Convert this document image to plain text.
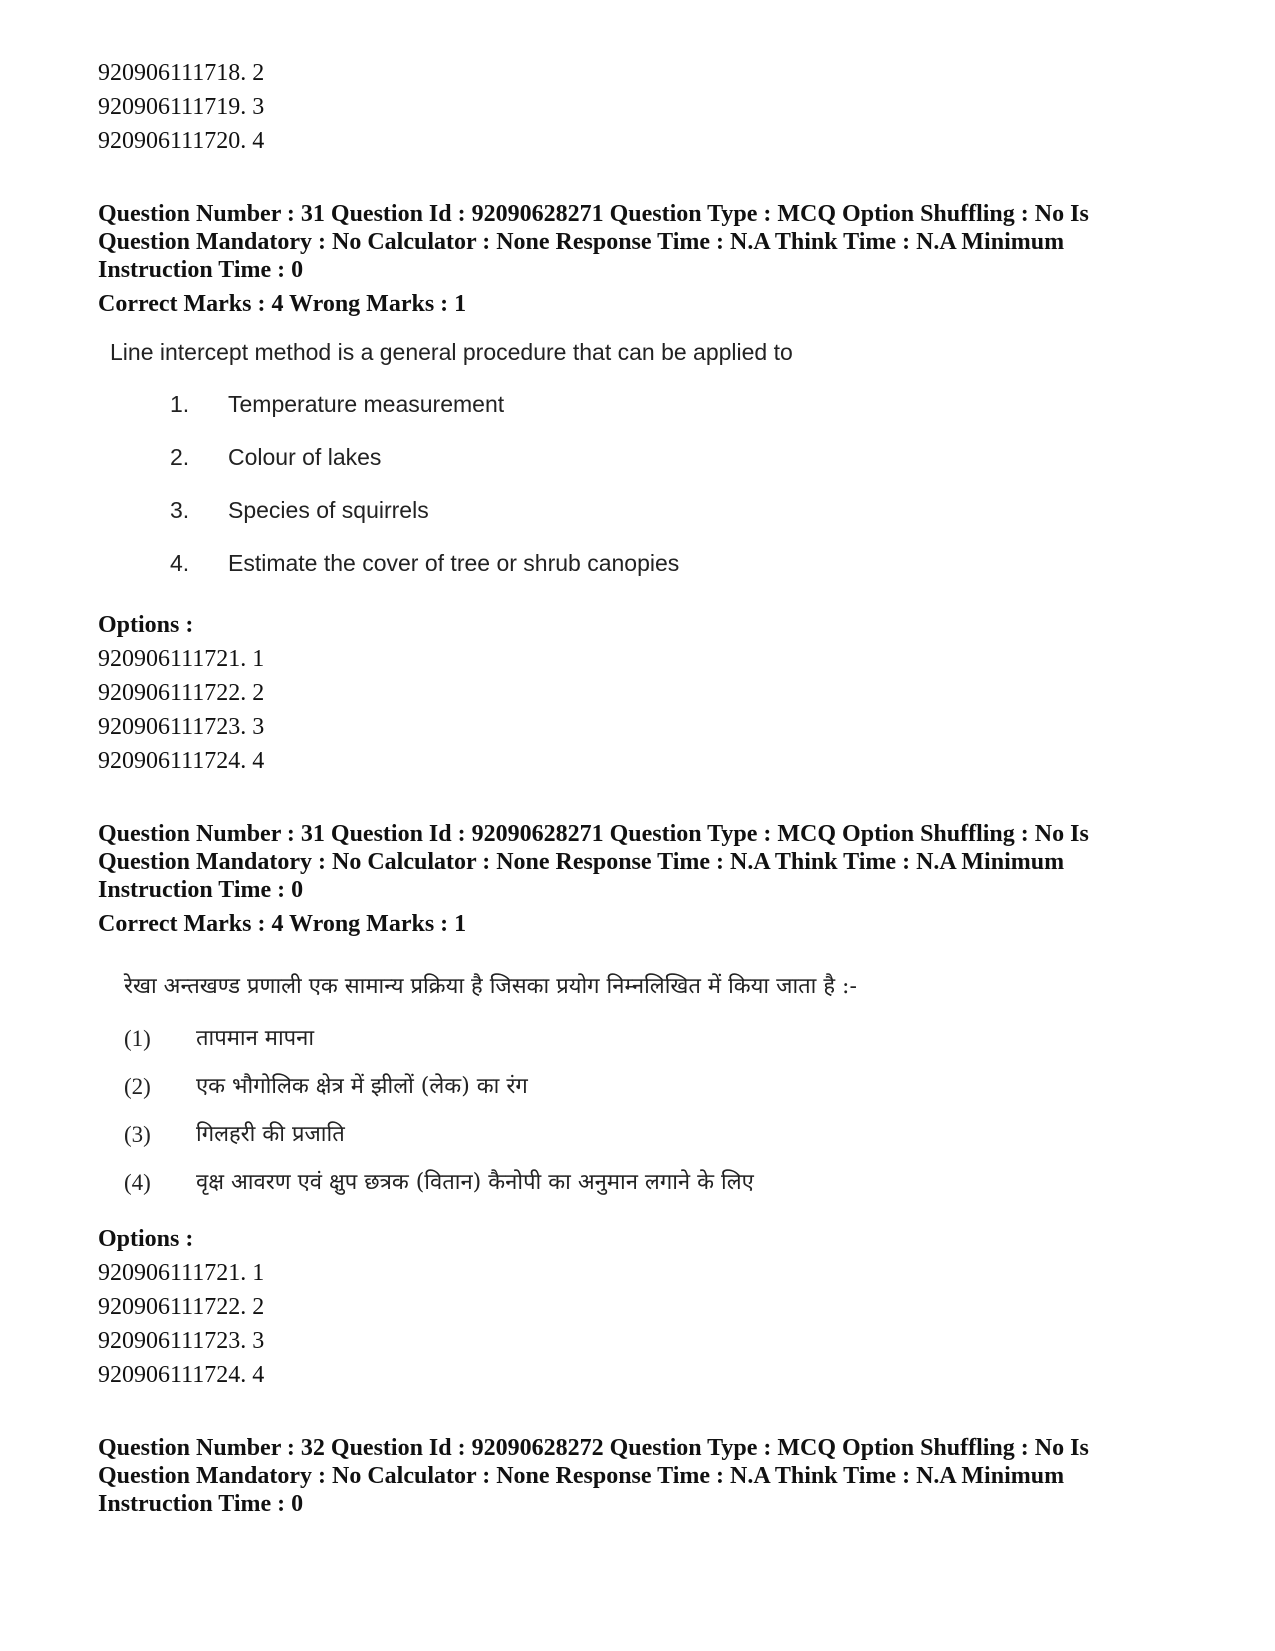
920906111718. 2

920906111719. 3

920906111720. 4

Question Number : 31 Question Id : 92090628271 Question Type : MCQ Option Shuffling : No Is Question Mandatory : No Calculator : None Response Time : N.A Think Time : N.A Minimum Instruction Time : 0

Correct Marks : 4 Wrong Marks : 1

Line intercept method is a general procedure that can be applied to

1.	Temperature measurement
2.	Colour of lakes
3.	Species of squirrels
4.	Estimate the cover of tree or shrub canopies

Options :

920906111721. 1

920906111722. 2

920906111723. 3

920906111724. 4

Question Number : 31 Question Id : 92090628271 Question Type : MCQ Option Shuffling : No Is Question Mandatory : No Calculator : None Response Time : N.A Think Time : N.A Minimum Instruction Time : 0

Correct Marks : 4 Wrong Marks : 1

रेखा अन्तखण्ड प्रणाली एक सामान्य प्रक्रिया है जिसका प्रयोग निम्नलिखित में किया जाता है :-

(1)	तापमान मापना
(2)	एक भौगोलिक क्षेत्र में झीलों (लेक) का रंग
(3)	गिलहरी की प्रजाति
(4)	वृक्ष आवरण एवं क्षुप छत्रक (वितान) कैनोपी का अनुमान लगाने के लिए

Options :

920906111721. 1

920906111722. 2

920906111723. 3

920906111724. 4

Question Number : 32 Question Id : 92090628272 Question Type : MCQ Option Shuffling : No Is Question Mandatory : No Calculator : None Response Time : N.A Think Time : N.A Minimum Instruction Time : 0
